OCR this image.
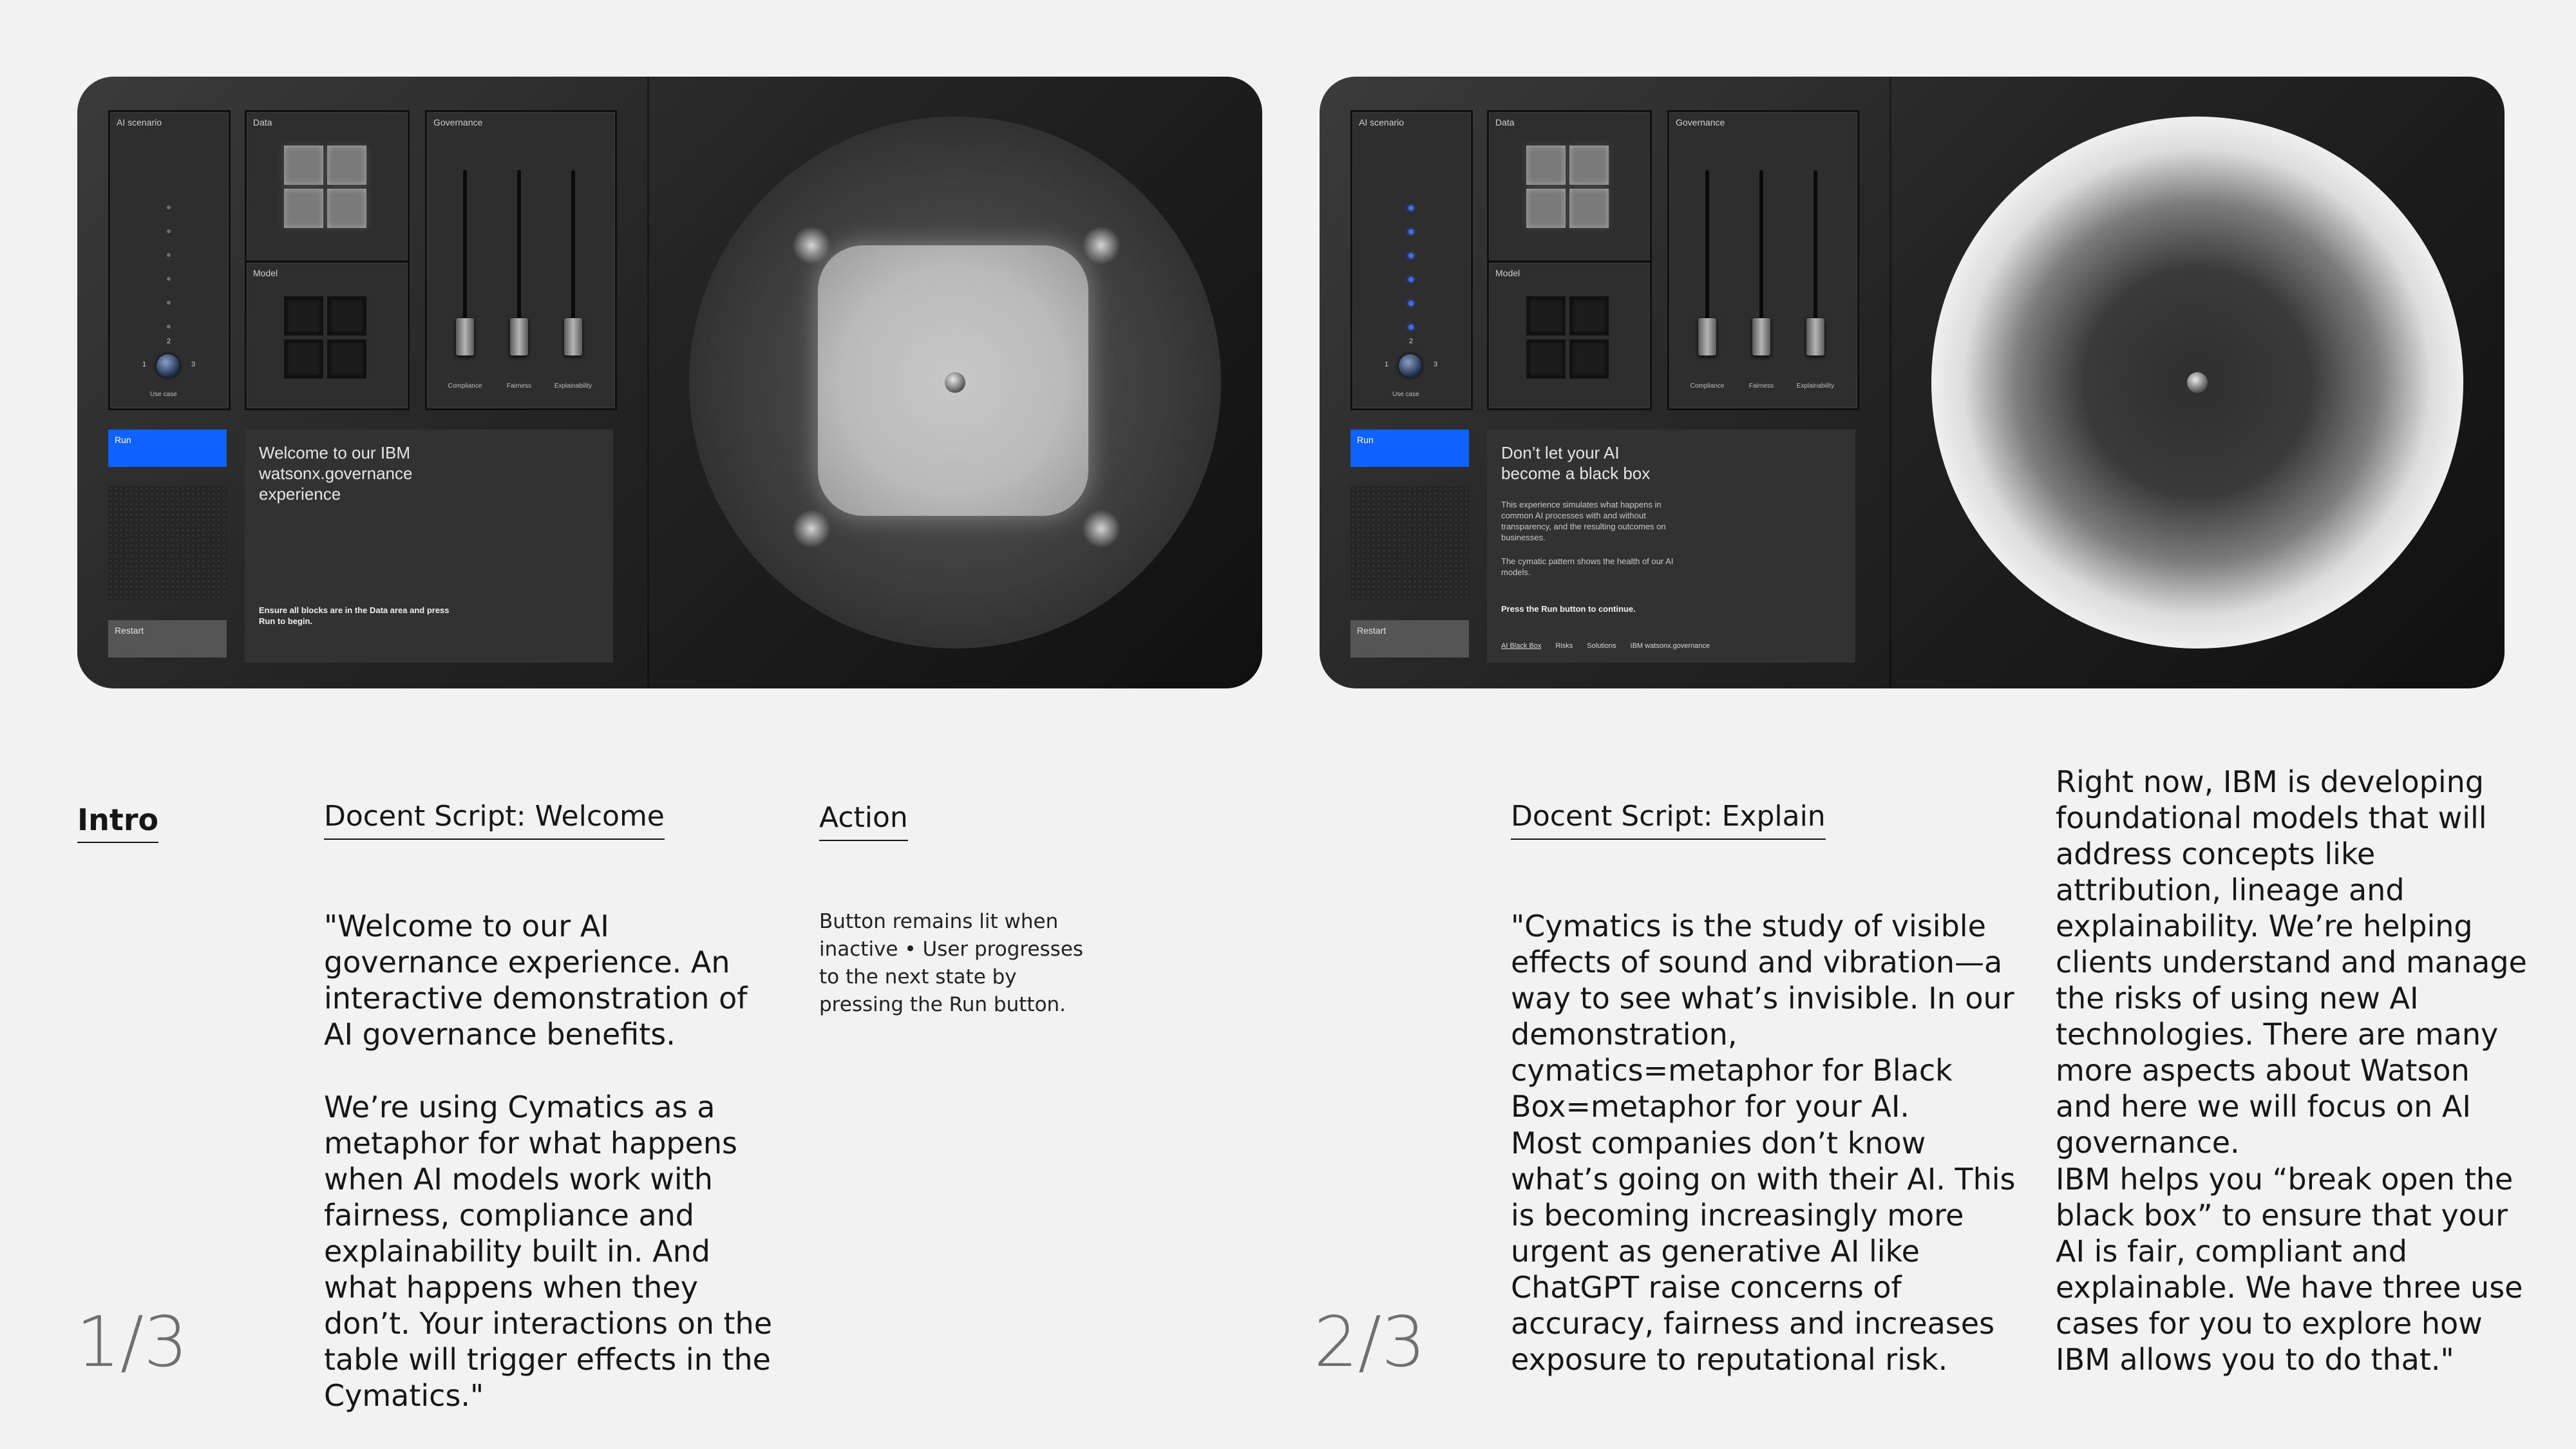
AI scenario
2
1	3
Use case
Data
Model
Governance
Compliance	Fairness	Explainability
Run
Restart
Welcome to our IBM watsonx.governance experience
Ensure all blocks are in the Data area and press Run to begin.
AI scenario
2
1	3
Use case
Data
Model
Governance
Compliance	Fairness	Explainability
Run
Restart
Don’t let your AI become a black box
This experience simulates what happens in common AI processes with and without transparency, and the resulting outcomes on businesses.
The cymatic pattern shows the health of our AI models.
Press the Run button to continue.
AI Black Box Risks Solutions IBM watsonx.governance
Intro	Docent Script: Welcome	Action
"Welcome to our AI governance experience. An interactive demonstration of AI governance benefits.
We’re using Cymatics as a metaphor for what happens when AI models work with fairness, compliance and explainability built in. And what happens when they don’t. Your interactions on the table will trigger effects in the Cymatics."
Button remains lit when inactive • User progresses to the next state by pressing the Run button.
1/3
Docent Script: Explain
"Cymatics is the study of visible effects of sound and vibration—a way to see what’s invisible. In our demonstration, cymatics=metaphor for Black Box=metaphor for your AI.
Most companies don’t know what’s going on with their AI. This is becoming increasingly more urgent as generative AI like ChatGPT raise concerns of accuracy, fairness and increases exposure to reputational risk.
Right now, IBM is developing foundational models that will address concepts like attribution, lineage and explainability. We’re helping clients understand and manage the risks of using new AI technologies. There are many more aspects about Watson and here we will focus on AI governance.
IBM helps you “break open the black box” to ensure that your AI is fair, compliant and explainable. We have three use cases for you to explore how IBM allows you to do that."
2/3
